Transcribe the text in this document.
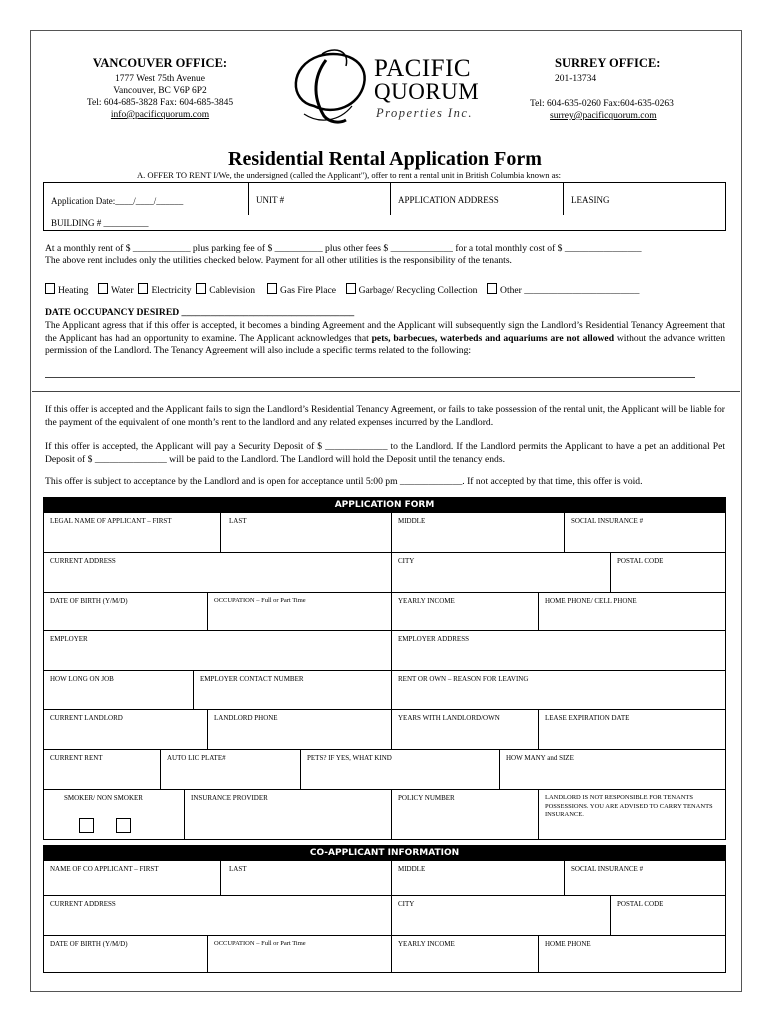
VANCOUVER OFFICE:
1777 West 75th Avenue
Vancouver, BC V6P 6P2
Tel: 604-685-3828 Fax: 604-685-3845
info@pacificquorum.com
PACIFIC
QUORUM
Properties Inc.
SURREY OFFICE:
201-13734
Tel: 604-635-0260 Fax:604-635-0263
surrey@pacificquorum.com
Residential Rental Application Form
A. OFFER TO RENT I/We, the undersigned (called the Applicant"), offer to rent a rental unit in British Columbia known as:
Application Date:____/____/______	UNIT #	APPLICATION ADDRESS	LEASING
BUILDING # __________
At a monthly rent of $ ____________ plus parking fee of $ __________ plus other fees $ _____________ for a total monthly cost of $ ________________
The above rent includes only the utilities checked below. Payment for all other utilities is the responsibility of the tenants.
Heating Water Electricity Cablevision	Gas Fire Place Garbage/ Recycling Collection Other ________________________
DATE OCCUPANCY DESIRED ____________________________________
The Applicant agress that if this offer is accepted, it becomes a binding Agreement and the Applicant will subsequently sign the Landlord’s Residential Tenancy Agreement that the Applicant has had an opportunity to examine. The Applicant acknowledges that pets, barbecues, waterbeds and aquariums are not allowed without the advance written permission of the Landlord. The Tenancy Agreement will also include a specific terms related to the following:
If this offer is accepted and the Applicant fails to sign the Landlord’s Residential Tenancy Agreement, or fails to take possession of the rental unit, the Applicant will be liable for the payment of the equivalent of one month’s rent to the landlord and any related expenses incurred by the Landlord.
If this offer is accepted, the Applicant will pay a Security Deposit of $ _____________ to the Landlord. If the Landlord permits the Applicant to have a pet an additional Pet Deposit of $ _______________ will be paid to the Landlord. The Landlord will hold the Deposit until the tenancy ends.
This offer is subject to acceptance by the Landlord and is open for acceptance until 5:00 pm _____________. If not accepted by that time, this offer is void.
APPLICATION FORM
LEGAL NAME OF APPLICANT – FIRST	LAST	MIDDLE	SOCIAL INSURANCE #
CURRENT ADDRESS	CITY	POSTAL CODE
DATE OF BIRTH (Y/M/D)	OCCUPATION – Full or Part Time	YEARLY INCOME	HOME PHONE/ CELL PHONE
EMPLOYER	EMPLOYER ADDRESS
HOW LONG ON JOB	EMPLOYER CONTACT NUMBER	RENT OR OWN – REASON FOR LEAVING
CURRENT LANDLORD	LANDLORD PHONE	YEARS WITH LANDLORD/OWN	LEASE EXPIRATION DATE
CURRENT RENT	AUTO LIC PLATE#	PETS? IF YES, WHAT KIND	HOW MANY and SIZE
SMOKER/ NON SMOKER	INSURANCE PROVIDER	POLICY NUMBER	LANDLORD IS NOT RESPONSIBLE FOR TENANTS POSSESSIONS. YOU ARE ADVISED TO CARRY TENANTS INSURANCE.
CO-APPLICANT INFORMATION
NAME OF CO APPLICANT – FIRST	LAST	MIDDLE	SOCIAL INSURANCE #
CURRENT ADDRESS	CITY	POSTAL CODE
DATE OF BIRTH (Y/M/D)	OCCUPATION – Full or Part Time	YEARLY INCOME	HOME PHONE
